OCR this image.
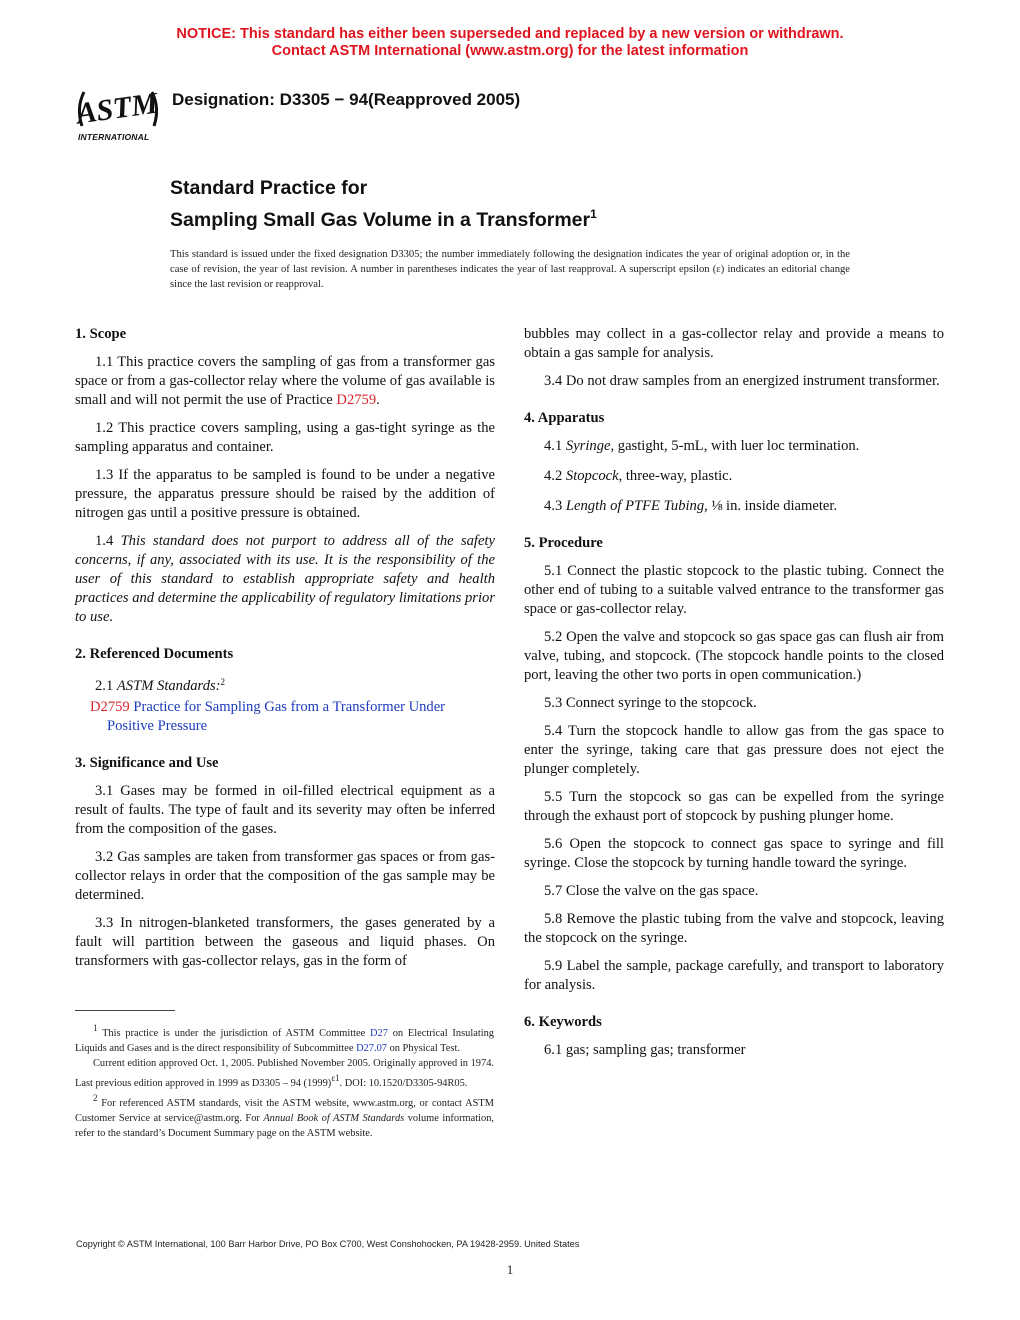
NOTICE: This standard has either been superseded and replaced by a new version or withdrawn.
Contact ASTM International (www.astm.org) for the latest information
ASTM
INTERNATIONAL
Designation: D3305 − 94(Reapproved 2005)
Standard Practice for
Sampling Small Gas Volume in a Transformer$^1$
This standard is issued under the fixed designation D3305; the number immediately following the designation indicates the year of original adoption or, in the case of revision, the year of last revision. A number in parentheses indicates the year of last reapproval. A superscript epsilon (ε) indicates an editorial change since the last revision or reapproval.
1. Scope

1.1 This practice covers the sampling of gas from a transformer gas space or from a gas-collector relay where the volume of gas available is small and will not permit the use of Practice D2759.

1.2 This practice covers sampling, using a gas-tight syringe as the sampling apparatus and container.

1.3 If the apparatus to be sampled is found to be under a negative pressure, the apparatus pressure should be raised by the addition of nitrogen gas until a positive pressure is obtained.

1.4 This standard does not purport to address all of the safety concerns, if any, associated with its use. It is the responsibility of the user of this standard to establish appropriate safety and health practices and determine the applicability of regulatory limitations prior to use.

2. Referenced Documents

2.1 ASTM Standards:$^2$

D2759 Practice for Sampling Gas from a Transformer Under Positive Pressure
3. Significance and Use

3.1 Gases may be formed in oil-filled electrical equipment as a result of faults. The type of fault and its severity may often be inferred from the composition of the gases.

3.2 Gas samples are taken from transformer gas spaces or from gas-collector relays in order that the composition of the gas sample may be determined.

3.3 In nitrogen-blanketed transformers, the gases generated by a fault will partition between the gaseous and liquid phases. On transformers with gas-collector relays, gas in the form of

bubbles may collect in a gas-collector relay and provide a means to obtain a gas sample for analysis.

3.4 Do not draw samples from an energized instrument transformer.

4. Apparatus

4.1 Syringe, gastight, 5-mL, with luer loc termination.

4.2 Stopcock, three-way, plastic.

4.3 Length of PTFE Tubing, ⅛ in. inside diameter.

5. Procedure

5.1 Connect the plastic stopcock to the plastic tubing. Connect the other end of tubing to a suitable valved entrance to the transformer gas space or gas-collector relay.

5.2 Open the valve and stopcock so gas space gas can flush air from valve, tubing, and stopcock. (The stopcock handle points to the closed port, leaving the other two ports in open communication.)

5.3 Connect syringe to the stopcock.

5.4 Turn the stopcock handle to allow gas from the gas space to enter the syringe, taking care that gas pressure does not eject the plunger completely.

5.5 Turn the stopcock so gas can be expelled from the syringe through the exhaust port of stopcock by pushing plunger home.

5.6 Open the stopcock to connect gas space to syringe and fill syringe. Close the stopcock by turning handle toward the syringe.

5.7 Close the valve on the gas space.

5.8 Remove the plastic tubing from the valve and stopcock, leaving the stopcock on the syringe.

5.9 Label the sample, package carefully, and transport to laboratory for analysis.

6. Keywords

6.1 gas; sampling gas; transformer

$^1$ This practice is under the jurisdiction of ASTM Committee D27 on Electrical Insulating Liquids and Gases and is the direct responsibility of Subcommittee D27.07 on Physical Test.

Current edition approved Oct. 1, 2005. Published November 2005. Originally approved in 1974. Last previous edition approved in 1999 as D3305 – 94 $(1999)^{\varepsilon 1}$. DOI: 10.1520/D3305-94R05.

$^2$ For referenced ASTM standards, visit the ASTM website, www.astm.org, or contact ASTM Customer Service at service@astm.org. For Annual Book of ASTM Standards volume information, refer to the standard’s Document Summary page on the ASTM website.

Copyright © ASTM International, 100 Barr Harbor Drive, PO Box C700, West Conshohocken, PA 19428-2959. United States
1
